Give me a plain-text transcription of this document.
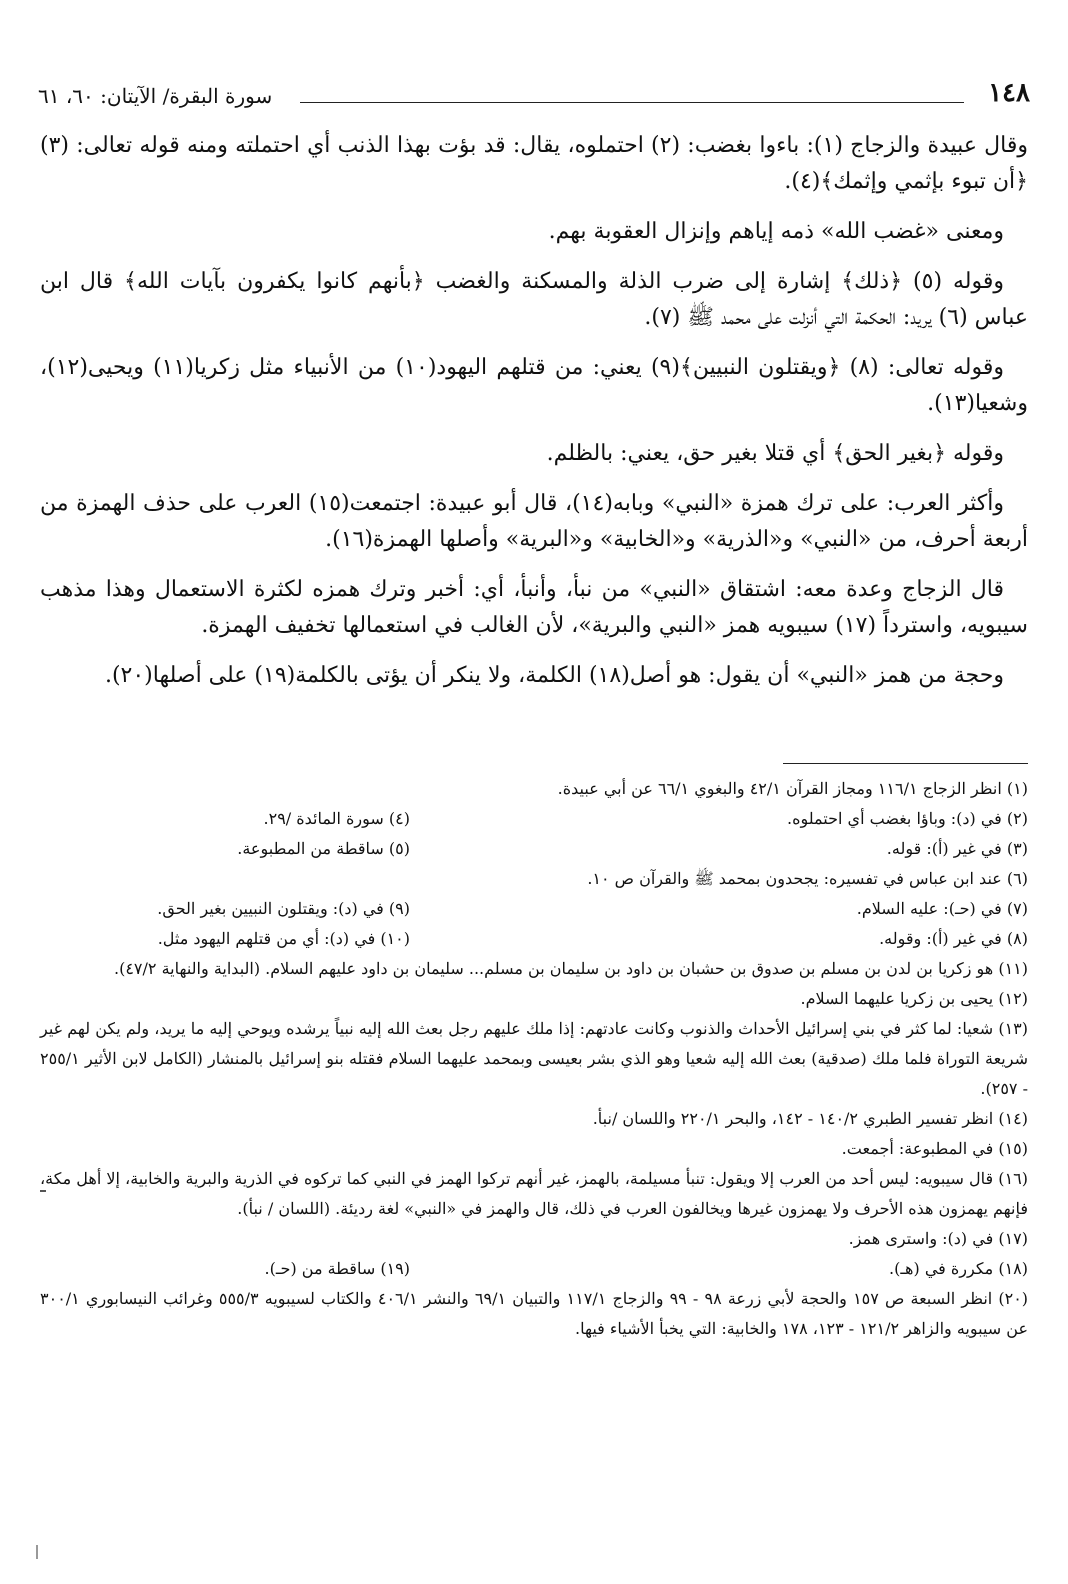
١٤٨
سورة البقرة/ الآيتان: ٦٠، ٦١

وقال عبيدة والزجاج (١): باءوا بغضب: (٢) احتملوه، يقال: قد بؤت بهذا الذنب أي احتملته ومنه قوله تعالى: (٣) ﴿أن تبوء بإثمي وإثمك﴾(٤).

ومعنى «غضب الله» ذمه إياهم وإنزال العقوبة بهم.

وقوله (٥) ﴿ذلك﴾ إشارة إلى ضرب الذلة والمسكنة والغضب ﴿بأنهم كانوا يكفرون بآيات الله﴾ قال ابن عباس (٦) يريد: الحكمة التي أنزلت على محمد ﷺ (٧).

وقوله تعالى: (٨) ﴿ويقتلون النبيين﴾(٩) يعني: من قتلهم اليهود(١٠) من الأنبياء مثل زكريا(١١) ويحيى(١٢)، وشعيا(١٣).

وقوله ﴿بغير الحق﴾ أي قتلا بغير حق، يعني: بالظلم.

وأكثر العرب: على ترك همزة «النبي» وبابه(١٤)، قال أبو عبيدة: اجتمعت(١٥) العرب على حذف الهمزة من أربعة أحرف، من «النبي» و«الذرية» و«الخابية» و«البرية» وأصلها الهمزة(١٦).

قال الزجاج وعدة معه: اشتقاق «النبي» من نبأ، وأنبأ، أي: أخبر وترك همزه لكثرة الاستعمال وهذا مذهب سيبويه، واسترداً (١٧) سيبويه همز «النبي والبرية»، لأن الغالب في استعمالها تخفيف الهمزة.

وحجة من همز «النبي» أن يقول: هو أصل(١٨) الكلمة، ولا ينكر أن يؤتى بالكلمة(١٩) على أصلها(٢٠).

(١) انظر الزجاج ١١٦/١ ومجاز القرآن ٤٢/١ والبغوي ٦٦/١ عن أبي عبيدة.
(٢) في (د): وباؤا بغضب أي احتملوه.
(٤) سورة المائدة /٢٩.
(٣) في غير (أ): قوله.
(٥) ساقطة من المطبوعة.
(٦) عند ابن عباس في تفسيره: يجحدون بمحمد ﷺ والقرآن ص ١٠.
(٧) في (حـ): عليه السلام.
(٩) في (د): ويقتلون النبيين بغير الحق.
(٨) في غير (أ): وقوله.
(١٠) في (د): أي من قتلهم اليهود مثل.
(١١) هو زكريا بن لدن بن مسلم بن صدوق بن حشبان بن داود بن سليمان بن مسلم... سليمان بن داود عليهم السلام. (البداية والنهاية ٤٧/٢).
(١٢) يحيى بن زكريا عليهما السلام.
(١٣) شعيا: لما كثر في بني إسرائيل الأحداث والذنوب وكانت عادتهم: إذا ملك عليهم رجل بعث الله إليه نبياً يرشده ويوحي إليه ما يريد، ولم يكن لهم غير شريعة التوراة فلما ملك (صدقية) بعث الله إليه شعيا وهو الذي بشر بعيسى وبمحمد عليهما السلام فقتله بنو إسرائيل بالمنشار (الكامل لابن الأثير ٢٥٥/١ - ٢٥٧).
(١٤) انظر تفسير الطبري ١٤٠/٢ - ١٤٢، والبحر ٢٢٠/١ واللسان /نبأ.
(١٥) في المطبوعة: أجمعت.
(١٦) قال سيبويه: ليس أحد من العرب إلا ويقول: تنبأ مسيلمة، بالهمز، غير أنهم تركوا الهمز في النبي كما تركوه في الذرية والبرية والخابية، إلا أهل مكة، فإنهم يهمزون هذه الأحرف ولا يهمزون غيرها ويخالفون العرب في ذلك، قال والهمز في «النبي» لغة رديئة. (اللسان / نبأ).
(١٧) في (د): واسترى همز.
(١٨) مكررة في (هـ).
(١٩) ساقطة من (حـ).
(٢٠) انظر السبعة ص ١٥٧ والحجة لأبي زرعة ٩٨ - ٩٩ والزجاج ١١٧/١ والتبيان ٦٩/١ والنشر ٤٠٦/١ والكتاب لسيبويه ٥٥٥/٣ وغرائب النيسابوري ٣٠٠/١ عن سيبويه والزاهر ١٢١/٢ - ١٢٣، ١٧٨ والخابية: التي يخبأ الأشياء فيها.
